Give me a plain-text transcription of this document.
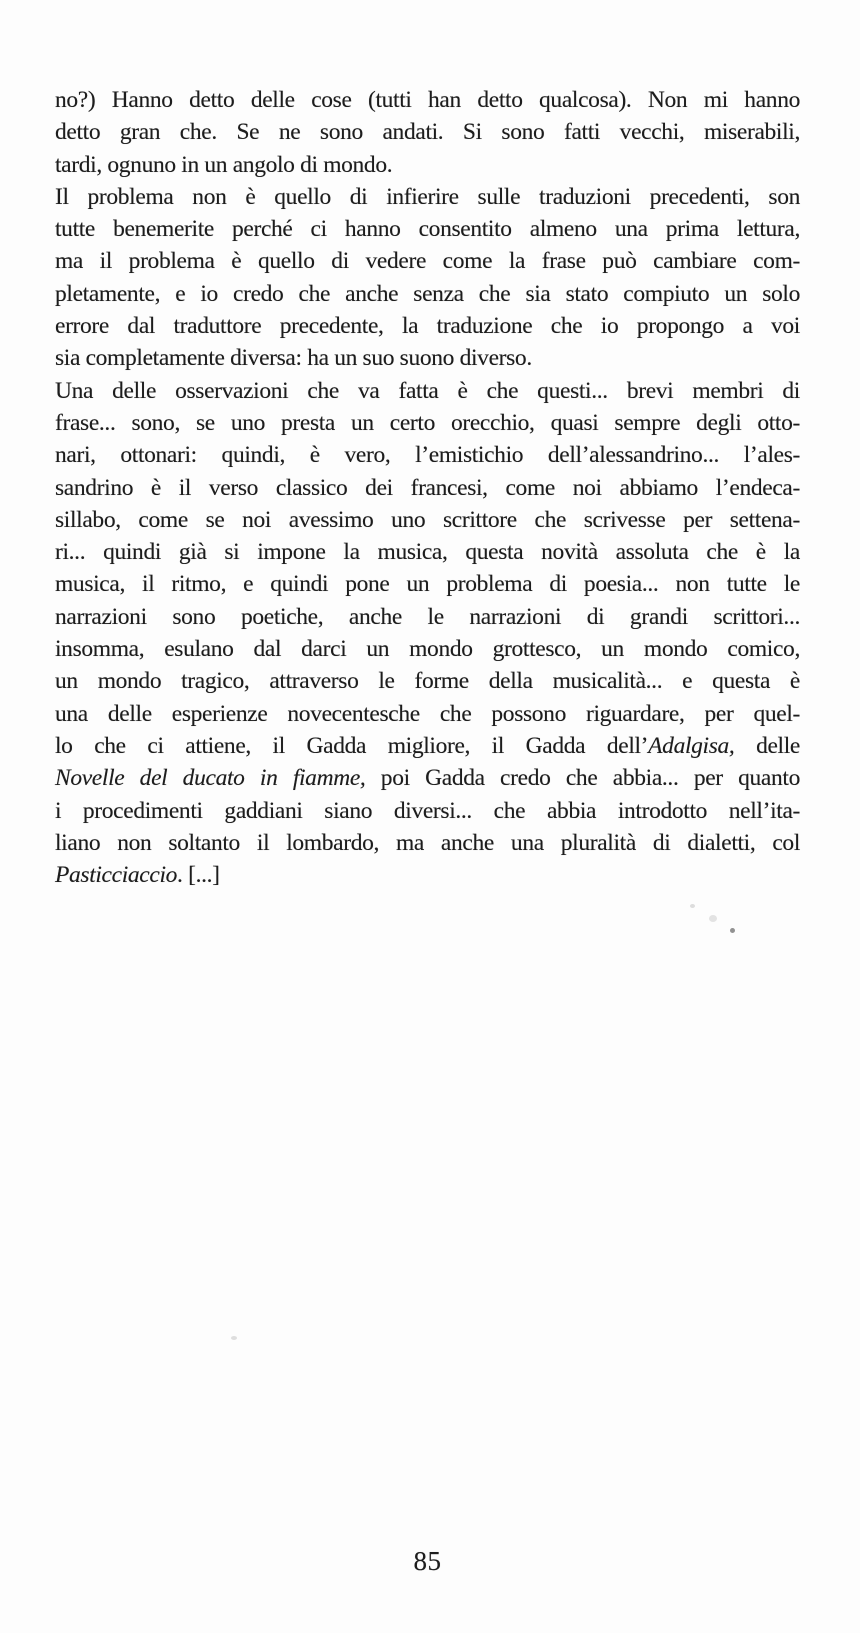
no?) Hanno detto delle cose (tutti han detto qualcosa). Non mi hanno
detto gran che. Se ne sono andati. Si sono fatti vecchi, miserabili,
tardi, ognuno in un angolo di mondo.
Il problema non è quello di infierire sulle traduzioni precedenti, son
tutte benemerite perché ci hanno consentito almeno una prima lettura,
ma il problema è quello di vedere come la frase può cambiare com-
pletamente, e io credo che anche senza che sia stato compiuto un solo
errore dal traduttore precedente, la traduzione che io propongo a voi
sia completamente diversa: ha un suo suono diverso.
Una delle osservazioni che va fatta è che questi... brevi membri di
frase... sono, se uno presta un certo orecchio, quasi sempre degli otto-
nari, ottonari: quindi, è vero, l’emistichio dell’alessandrino... l’ales-
sandrino è il verso classico dei francesi, come noi abbiamo l’endeca-
sillabo, come se noi avessimo uno scrittore che scrivesse per settena-
ri... quindi già si impone la musica, questa novità assoluta che è la
musica, il ritmo, e quindi pone un problema di poesia... non tutte le
narrazioni sono poetiche, anche le narrazioni di grandi scrittori...
insomma, esulano dal darci un mondo grottesco, un mondo comico,
un mondo tragico, attraverso le forme della musicalità... e questa è
una delle esperienze novecentesche che possono riguardare, per quel-
lo che ci attiene, il Gadda migliore, il Gadda dell’Adalgisa, delle
Novelle del ducato in fiamme, poi Gadda credo che abbia... per quanto
i procedimenti gaddiani siano diversi... che abbia introdotto nell’ita-
liano non soltanto il lombardo, ma anche una pluralità di dialetti, col
Pasticciaccio. [...]
85
